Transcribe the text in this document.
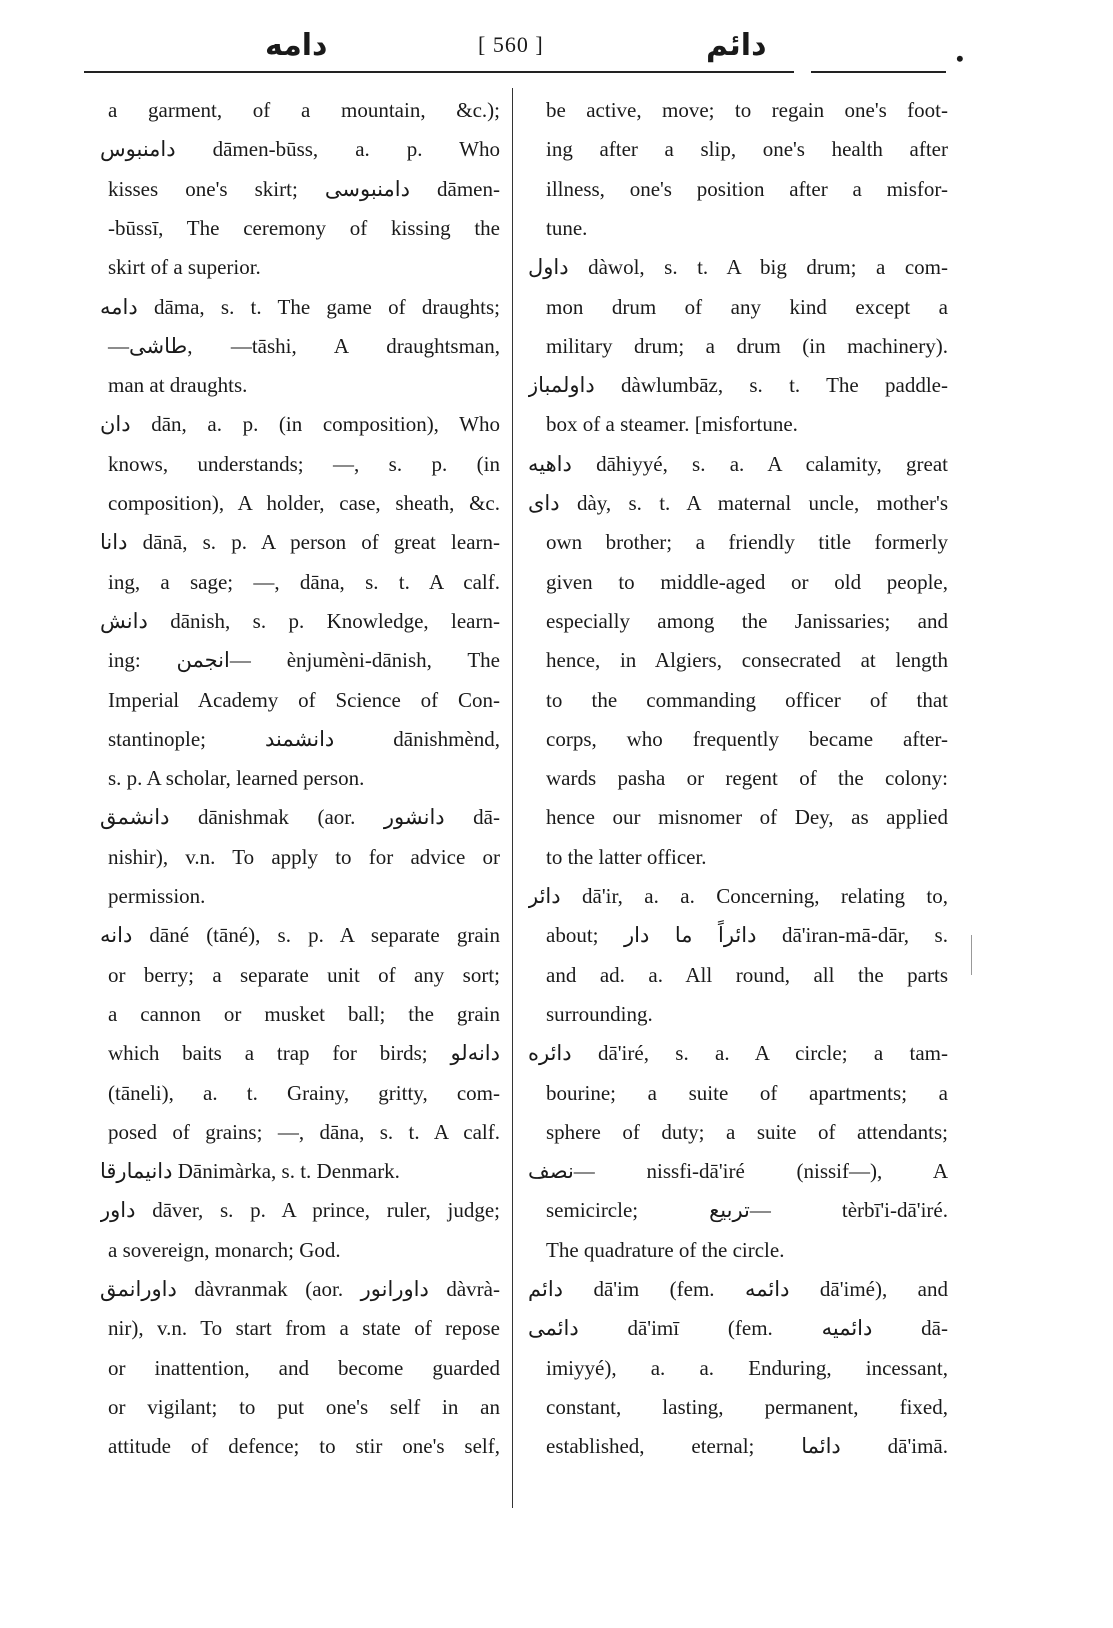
دامه	[ 560 ]	دائم	•
a garment, of a mountain, &c.);
دامنبوس dāmen-būss, a. p. Who
kisses one's skirt; دامنبوسی dāmen-
-būssī, The ceremony of kissing the
skirt of a superior.
دامه dāma, s. t. The game of draughts;
—طاشی, —tāshi, A draughtsman,
man at draughts.
دان dān, a. p. (in composition), Who
knows, understands; —, s. p. (in
composition), A holder, case, sheath, &c.
دانا dānā, s. p. A person of great learn-
ing, a sage; —, dāna, s. t. A calf.
دانش dānish, s. p. Knowledge, learn-
ing: انجمن— ènjumèni-dānish, The
Imperial Academy of Science of Con-
stantinople; دانشمند dānishmènd,
s. p. A scholar, learned person.
دانشمق dānishmak (aor. دانشور dā-
nishir), v.n. To apply to for advice or
permission.
دانه dāné (tāné), s. p. A separate grain
or berry; a separate unit of any sort;
a cannon or musket ball; the grain
which baits a trap for birds; دانه‌لو
(tāneli), a. t. Grainy, gritty, com-
posed of grains; —, dāna, s. t. A calf.
دانیمارقا Dānimàrka, s. t. Denmark.
داور dāver, s. p. A prince, ruler, judge;
a sovereign, monarch; God.
داورانمق dàvranmak (aor. داورانور dàvrà-
nir), v.n. To start from a state of repose
or inattention, and become guarded
or vigilant; to put one's self in an
attitude of defence; to stir one's self,
be active, move; to regain one's foot-
ing after a slip, one's health after
illness, one's position after a misfor-
tune.
داول dàwol, s. t. A big drum; a com-
mon drum of any kind except a
military drum; a drum (in machinery).
داولمباز dàwlumbāz, s. t. The paddle-
box of a steamer. [misfortune.
داهیه dāhiyyé, s. a. A calamity, great
دای dày, s. t. A maternal uncle, mother's
own brother; a friendly title formerly
given to middle-aged or old people,
especially among the Janissaries; and
hence, in Algiers, consecrated at length
to the commanding officer of that
corps, who frequently became after-
wards pasha or regent of the colony:
hence our misnomer of Dey, as applied
to the latter officer.
دائر dā'ir, a. a. Concerning, relating to,
about; دائراً ما دار dā'iran-mā-dār, s.
and ad. a. All round, all the parts
surrounding.
دائره dā'iré, s. a. A circle; a tam-
bourine; a suite of apartments; a
sphere of duty; a suite of attendants;
نصف— nissfi-dā'iré (nissif—), A
semicircle; تربیع— tèrbī'i-dā'iré.
The quadrature of the circle.
دائم dā'im (fem. دائمه dā'imé), and
دائمی dā'imī (fem. دائمیه dā-
imiyyé), a. a. Enduring, incessant,
constant, lasting, permanent, fixed,
established, eternal; دائما dā'imā.
